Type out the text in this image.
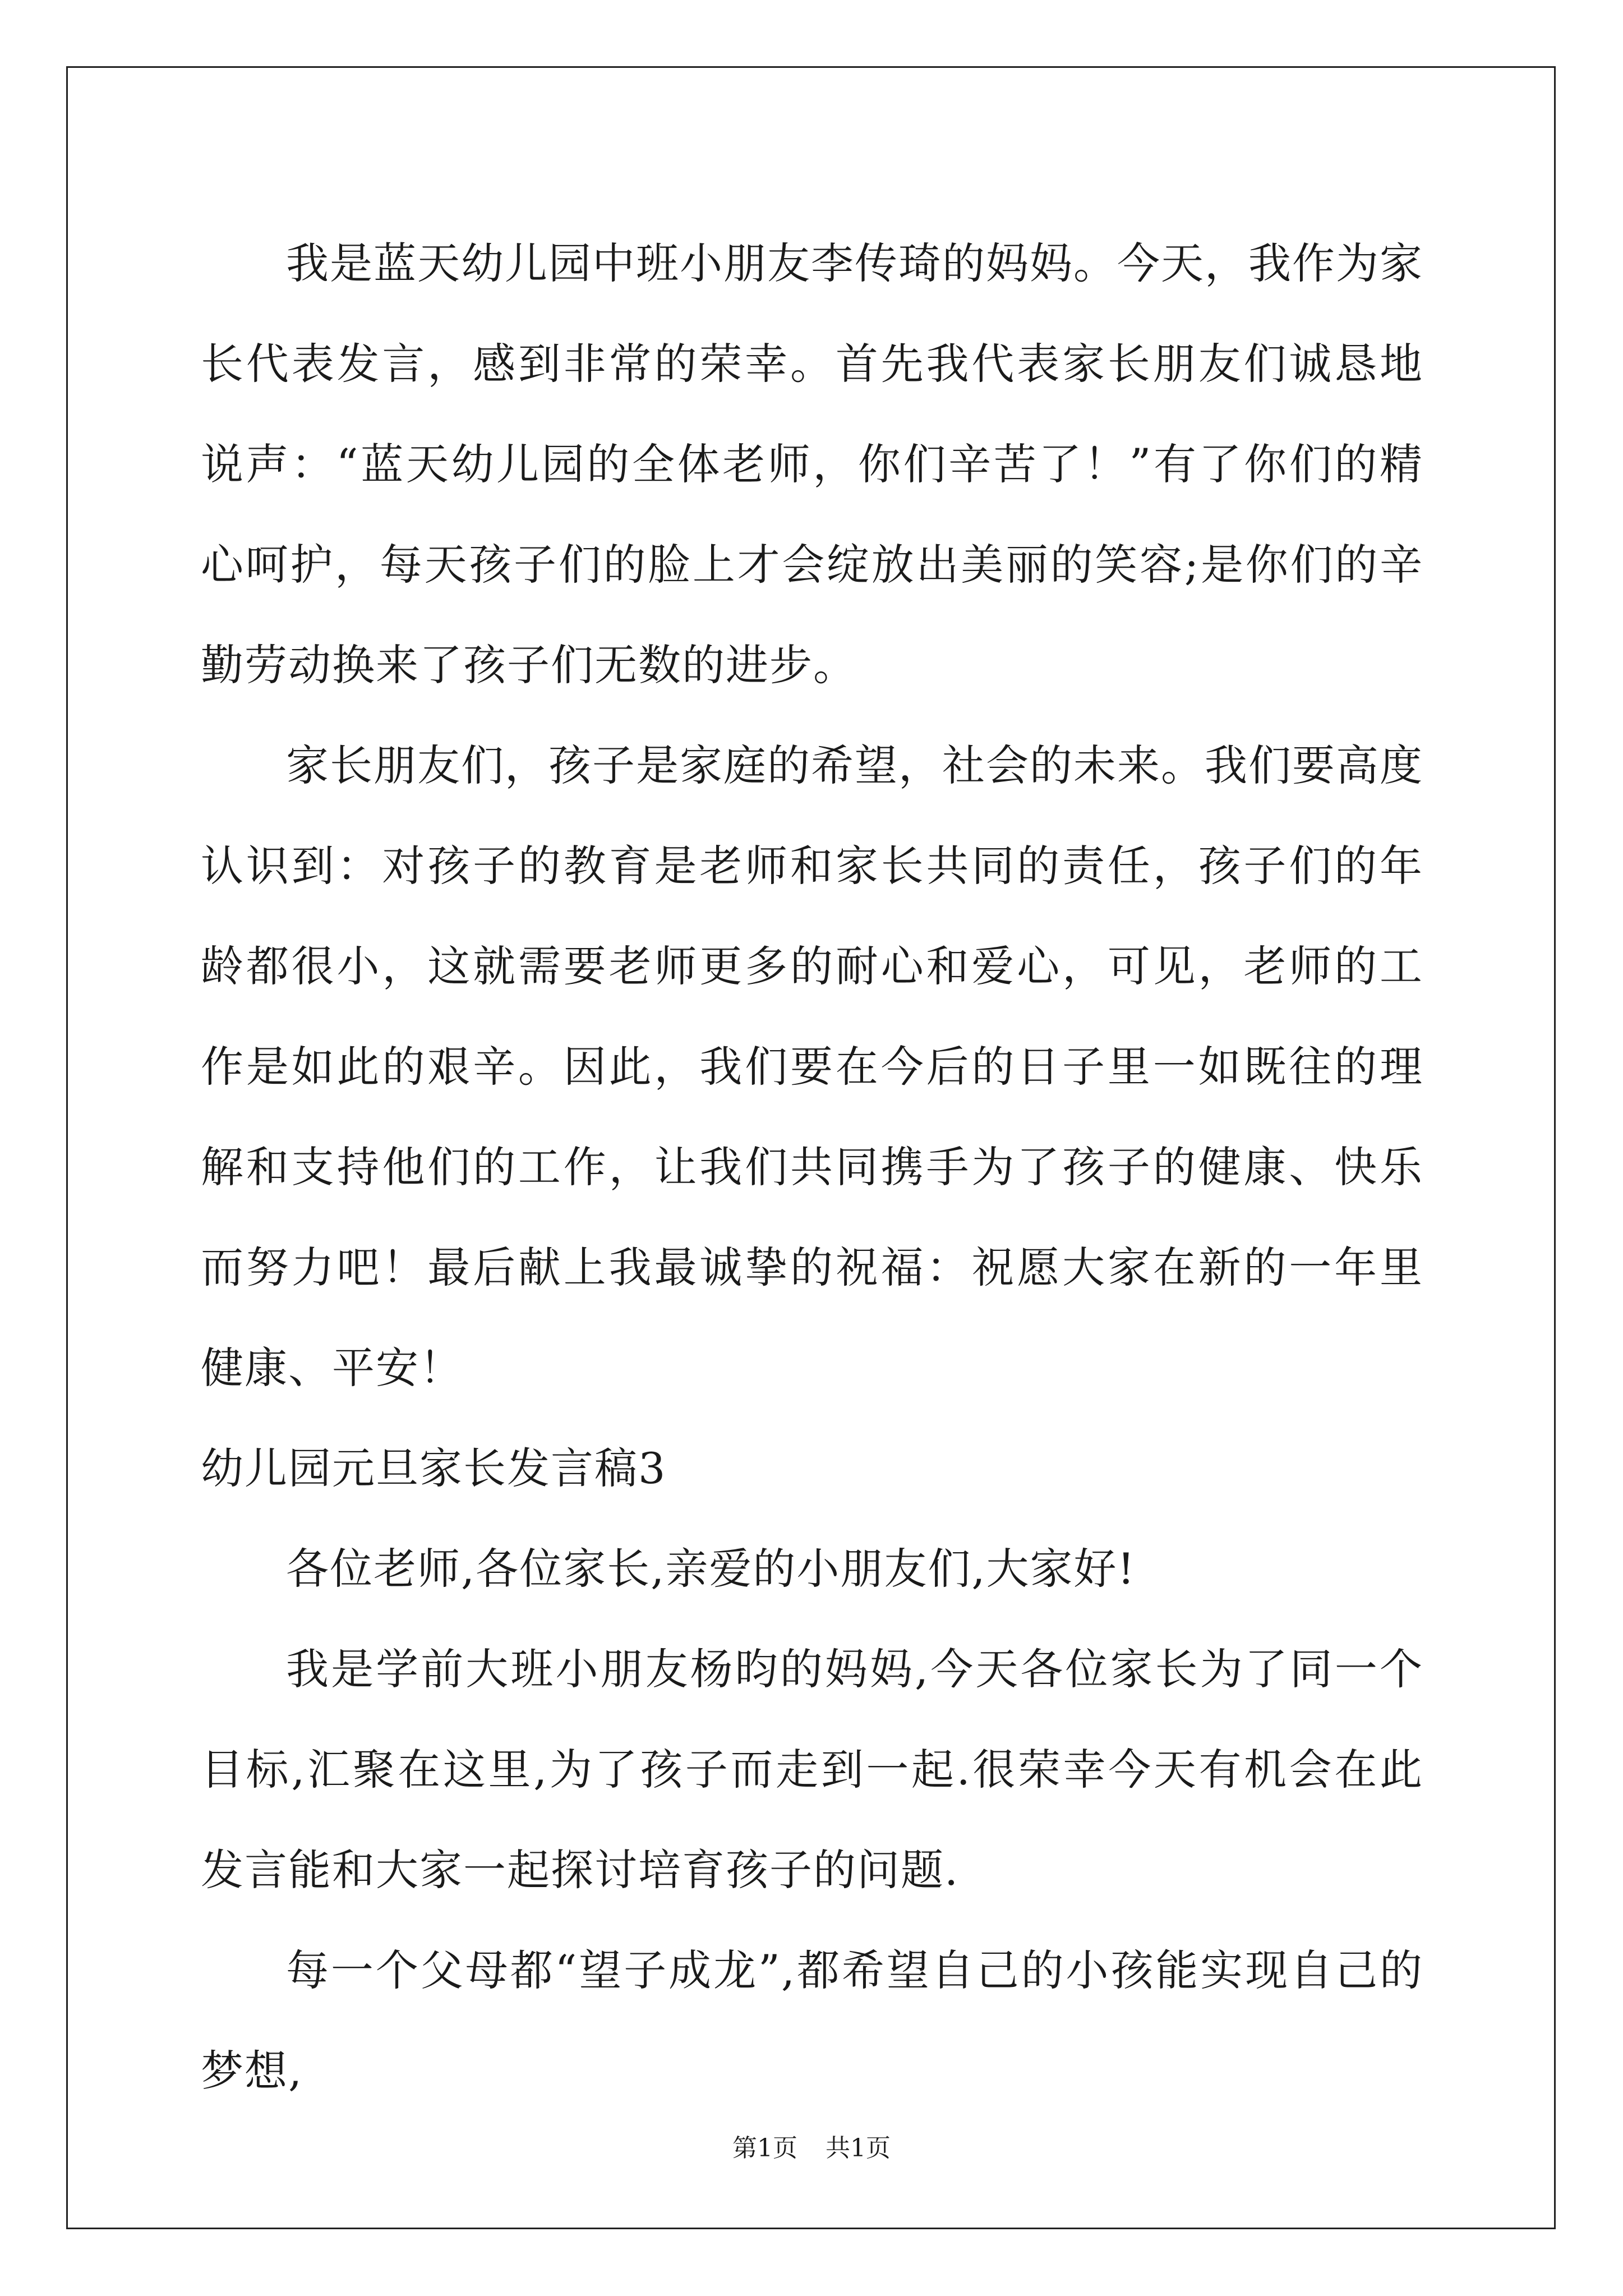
我是蓝天幼儿园中班小朋友李传琦的妈妈。今天，我作为家长代表发言，感到非常的荣幸。首先我代表家长朋友们诚恳地说声：“蓝天幼儿园的全体老师，你们辛苦了！”有了你们的精心呵护，每天孩子们的脸上才会绽放出美丽的笑容;是你们的辛勤劳动换来了孩子们无数的进步。

家长朋友们，孩子是家庭的希望，社会的未来。我们要高度认识到：对孩子的教育是老师和家长共同的责任，孩子们的年龄都很小，这就需要老师更多的耐心和爱心，可见，老师的工作是如此的艰辛。因此，我们要在今后的日子里一如既往的理解和支持他们的工作，让我们共同携手为了孩子的健康、快乐而努力吧！最后献上我最诚挚的祝福：祝愿大家在新的一年里健康、平安！

幼儿园元旦家长发言稿3

各位老师,各位家长,亲爱的小朋友们,大家好!

我是学前大班小朋友杨昀的妈妈,今天各位家长为了同一个目标,汇聚在这里,为了孩子而走到一起.很荣幸今天有机会在此发言能和大家一起探讨培育孩子的问题.

每一个父母都“望子成龙”,都希望自己的小孩能实现自己的梦想,

第1页 共1页
